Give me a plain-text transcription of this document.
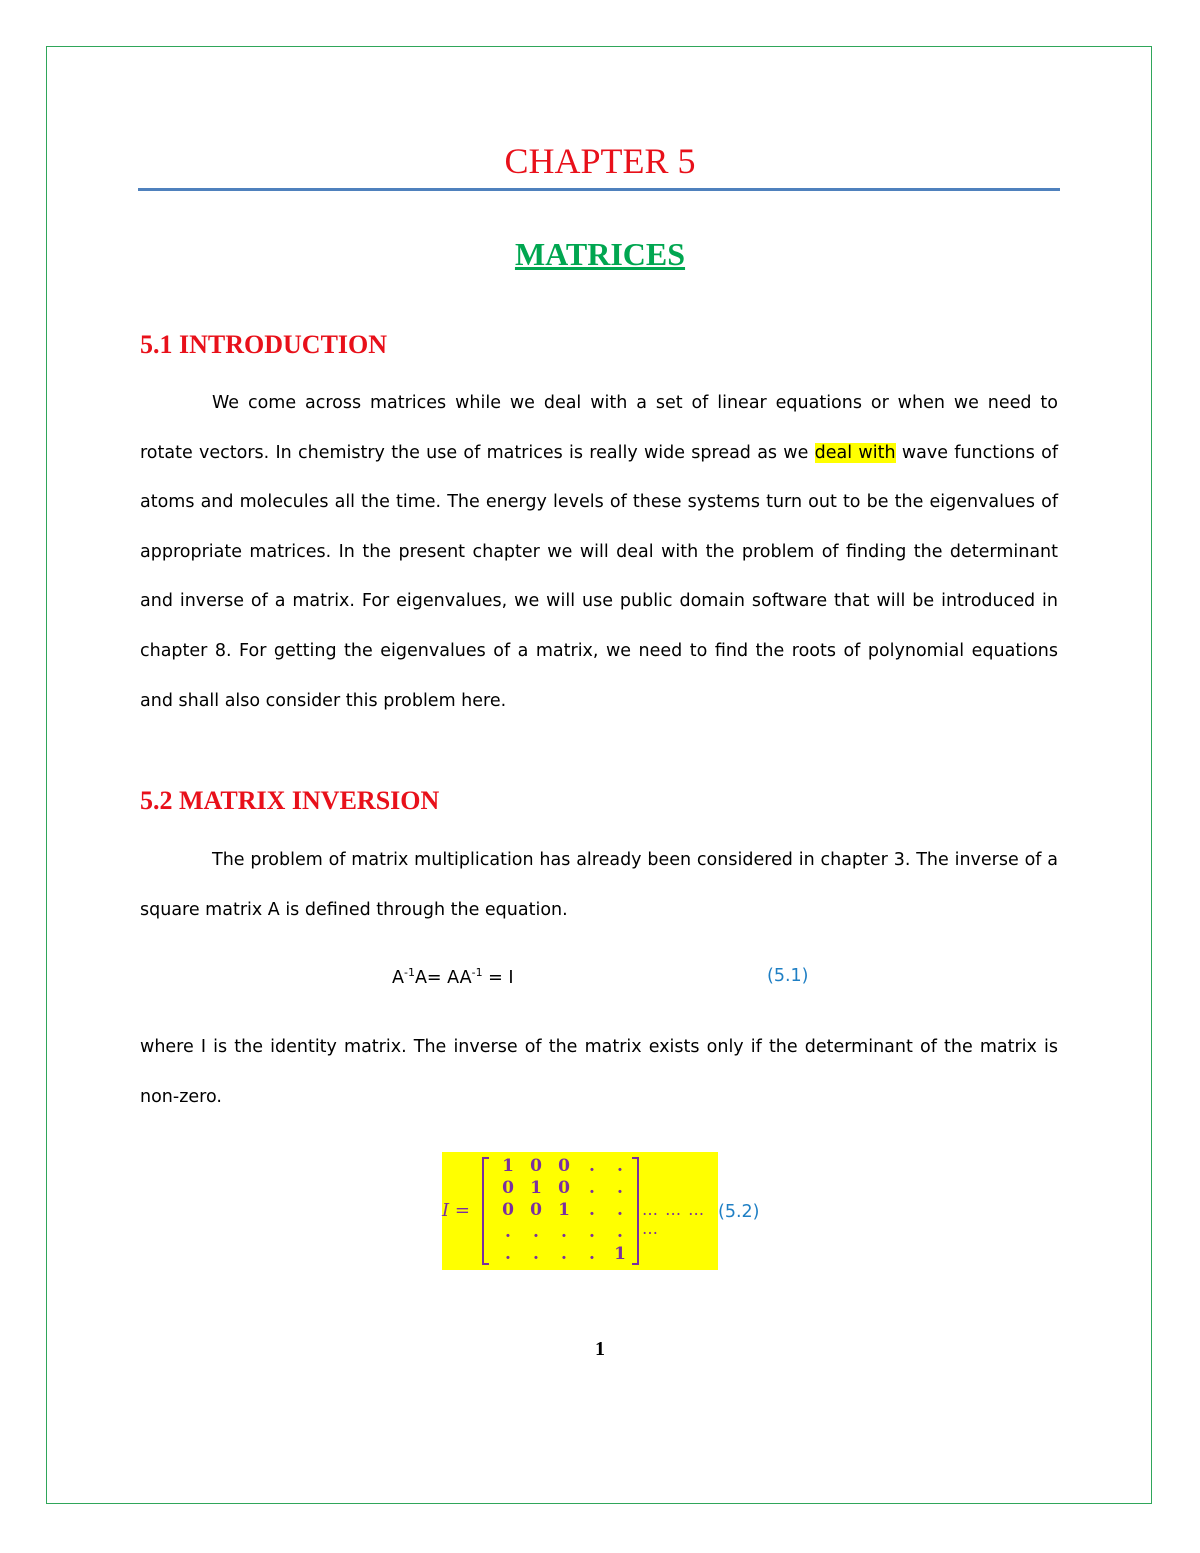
CHAPTER 5
MATRICES
5.1 INTRODUCTION

We come across matrices while we deal with a set of linear equations or when we need to rotate vectors. In chemistry the use of matrices is really wide spread as we deal with wave functions of atoms and molecules all the time. The energy levels of these systems turn out to be the eigenvalues of appropriate matrices. In the present chapter we will deal with the problem of finding the determinant and inverse of a matrix. For eigenvalues, we will use public domain software that will be introduced in chapter 8. For getting the eigenvalues of a matrix, we need to find the roots of polynomial equations and shall also consider this problem here.

5.2 MATRIX INVERSION

The problem of matrix multiplication has already been considered in chapter 3. The inverse of a square matrix A is defined through the equation.

$A^{-1}A= AA^{-1} = I$	(5.1)

where I is the identity matrix. The inverse of the matrix exists only if the determinant of the matrix is non-zero.

I =
1 0 0	.	.
0 1 0	.	.
0 0 1	.	.
.	.	.	.	.
.	.	.	.	1
… … … …
(5.2)
1
